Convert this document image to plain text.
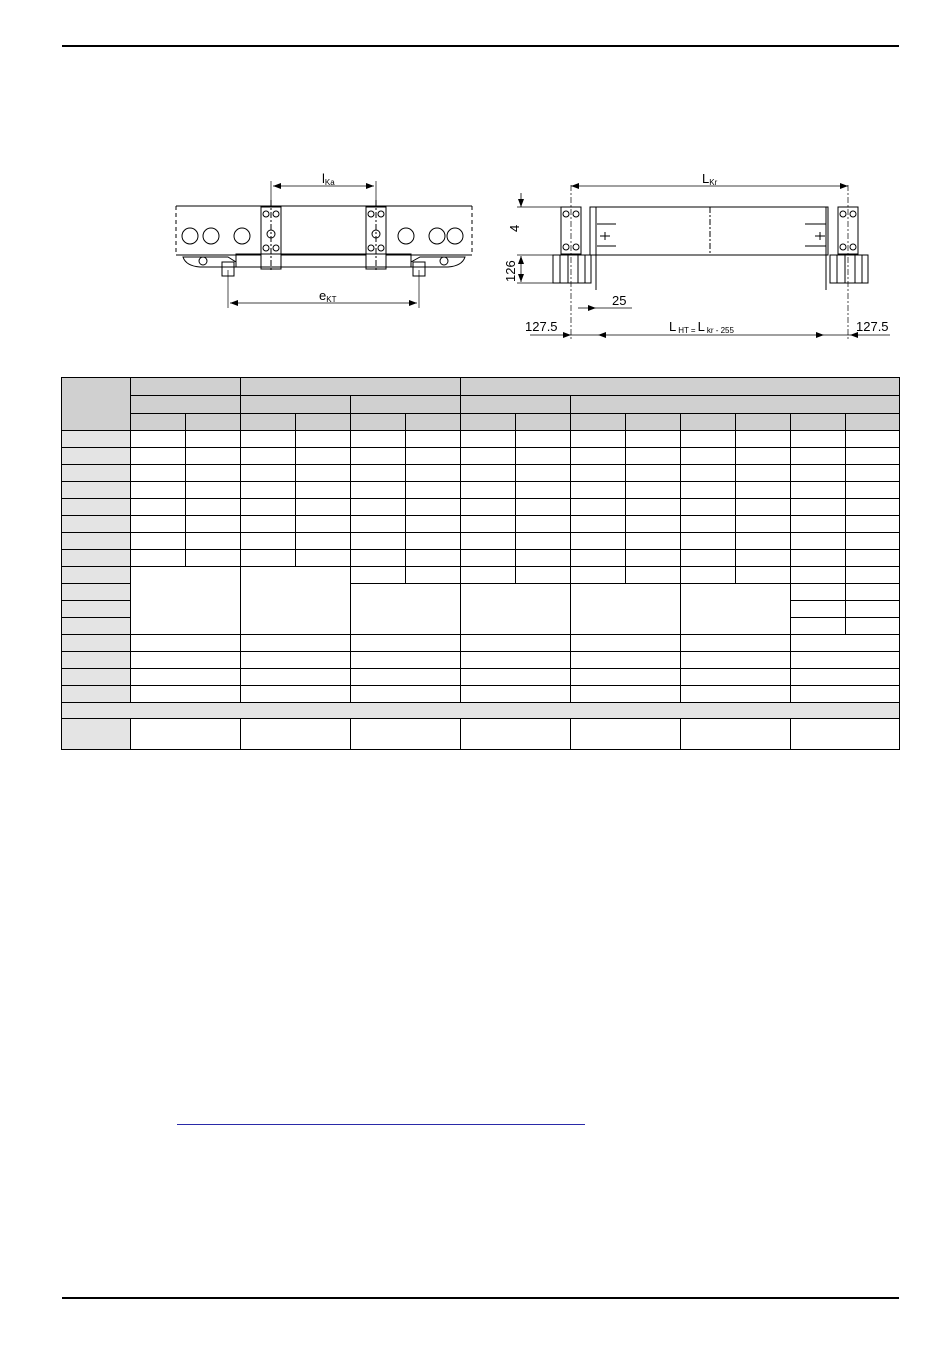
lKa
eKT
LKr
4
126
25
127.5	127.5
LHT = L kr - 255
